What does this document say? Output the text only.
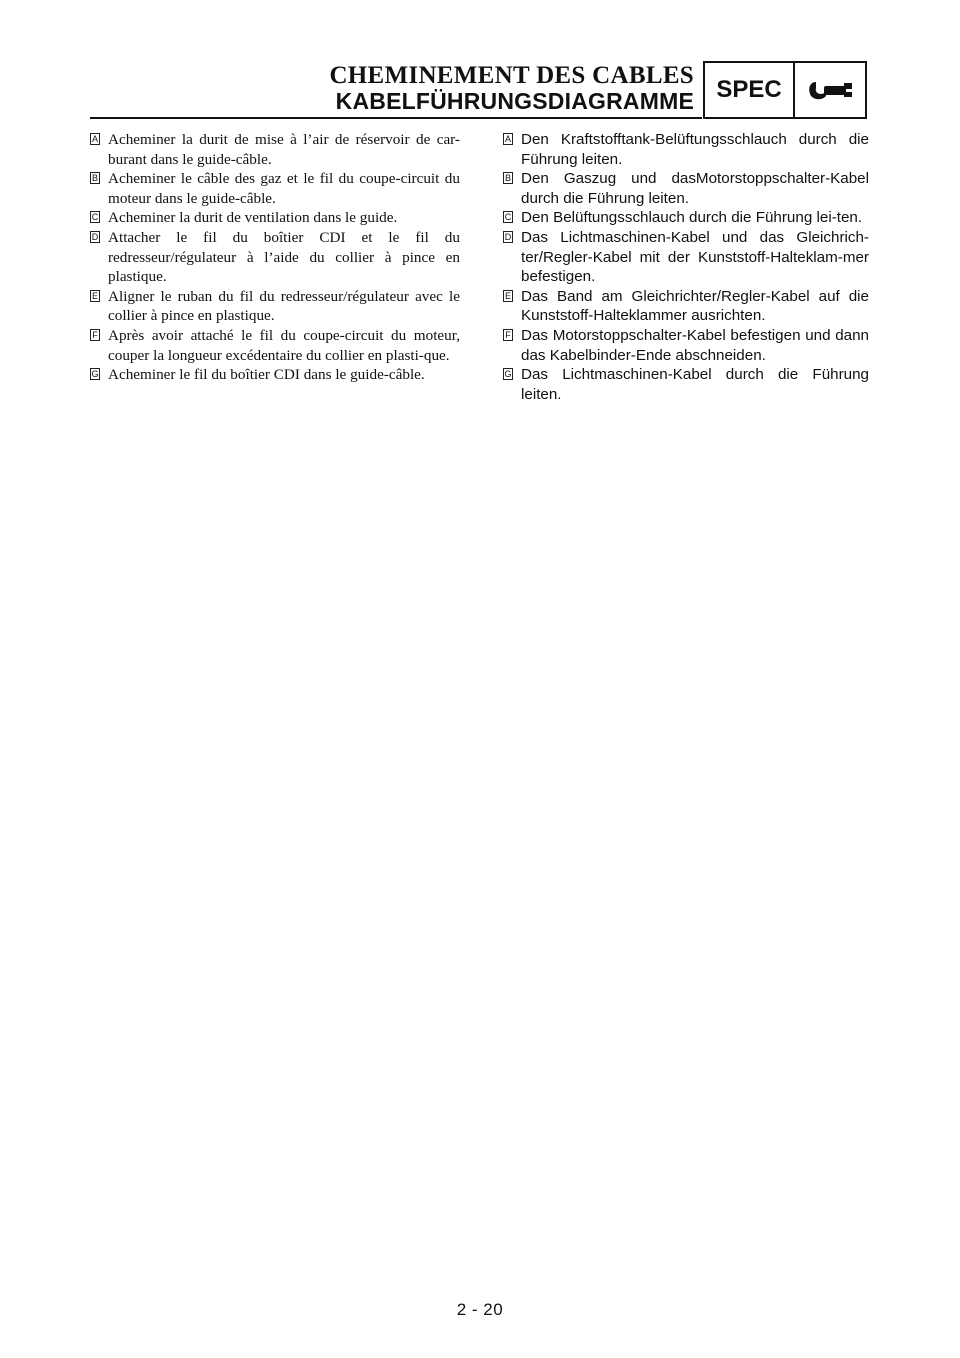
CHEMINEMENT DES CABLES
KABELFÜHRUNGSDIAGRAMME SPEC
A Acheminer la durit de mise à l’air de réservoir de car-burant dans le guide-câble.
B Acheminer le câble des gaz et le fil du coupe-circuit du moteur dans le guide-câble.
C Acheminer la durit de ventilation dans le guide.
D Attacher le fil du boîtier CDI et le fil du redresseur/régulateur à l’aide du collier à pince en plastique.
E Aligner le ruban du fil du redresseur/régulateur avec le collier à pince en plastique.
F Après avoir attaché le fil du coupe-circuit du moteur, couper la longueur excédentaire du collier en plasti-que.
G Acheminer le fil du boîtier CDI dans le guide-câble.
A Den Kraftstofftank-Belüftungsschlauch durch die Führung leiten.
B Den Gaszug und dasMotorstoppschalter-Kabel durch die Führung leiten.
C Den Belüftungsschlauch durch die Führung lei-ten.
D Das Lichtmaschinen-Kabel und das Gleichrich-ter/Regler-Kabel mit der Kunststoff-Halteklam-mer befestigen.
E Das Band am Gleichrichter/Regler-Kabel auf die Kunststoff-Halteklammer ausrichten.
F Das Motorstoppschalter-Kabel befestigen und dann das Kabelbinder-Ende abschneiden.
G Das Lichtmaschinen-Kabel durch die Führung leiten.
2 - 20
